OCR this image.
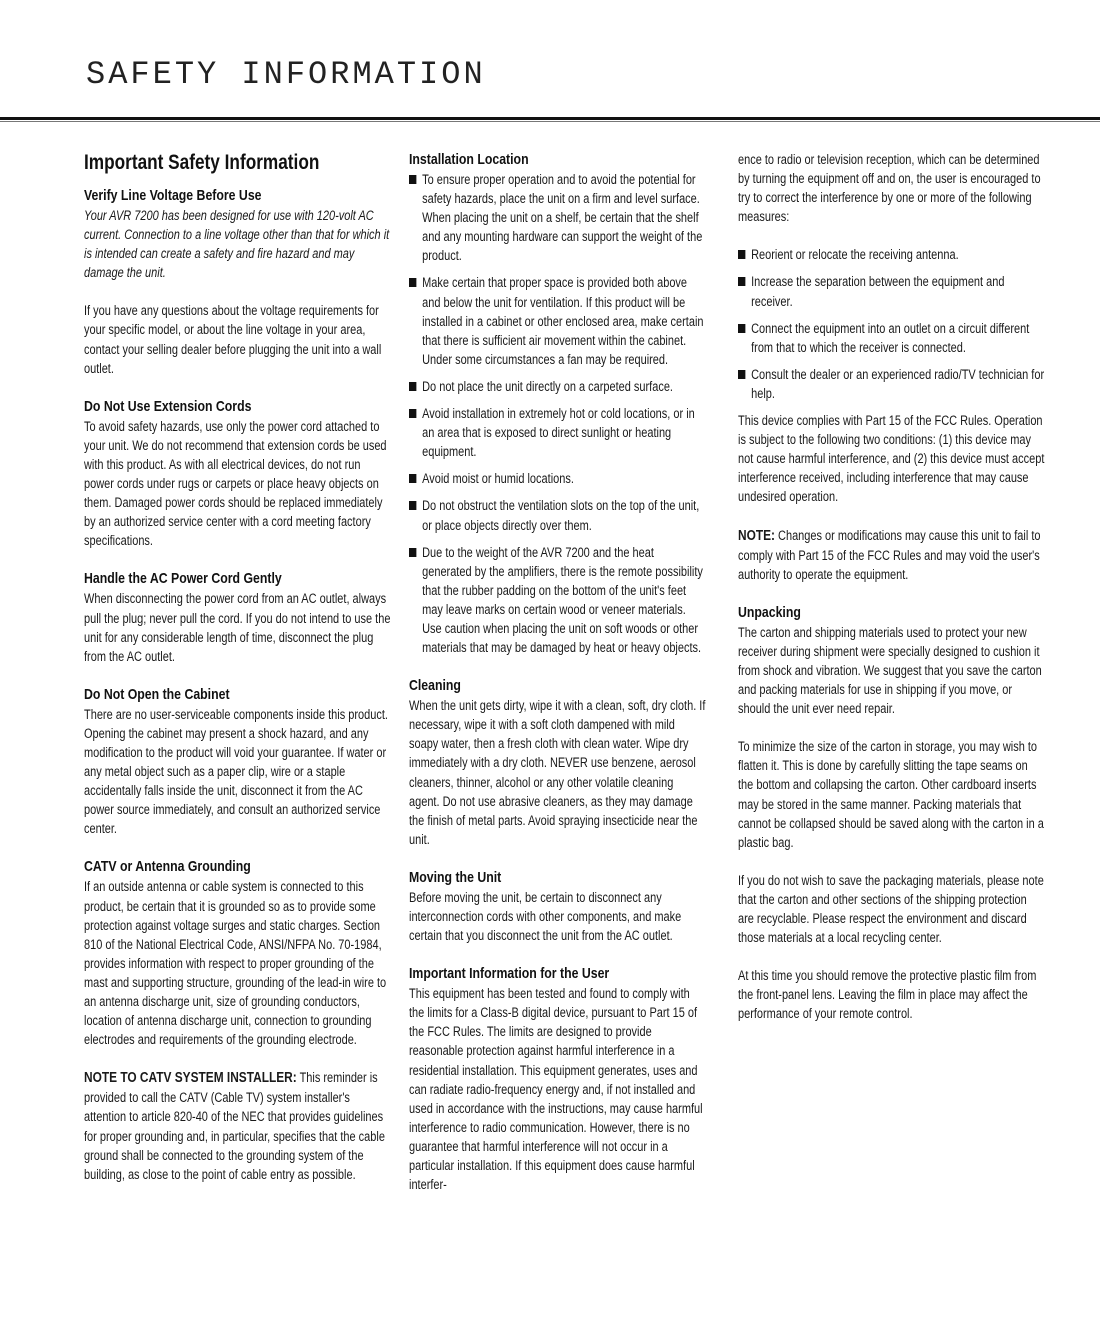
SAFETY INFORMATION
Important Safety Information
Verify Line Voltage Before Use

Your AVR 7200 has been designed for use with 120-volt AC current. Connection to a line voltage other than that for which it is intended can create a safety and fire hazard and may damage the unit.

If you have any questions about the voltage requirements for your specific model, or about the line voltage in your area, contact your selling dealer before plugging the unit into a wall outlet.

Do Not Use Extension Cords

To avoid safety hazards, use only the power cord attached to your unit. We do not recommend that extension cords be used with this product. As with all electrical devices, do not run power cords under rugs or carpets or place heavy objects on them. Damaged power cords should be replaced immediately by an authorized service center with a cord meeting factory specifications.

Handle the AC Power Cord Gently

When disconnecting the power cord from an AC outlet, always pull the plug; never pull the cord. If you do not intend to use the unit for any considerable length of time, disconnect the plug from the AC outlet.

Do Not Open the Cabinet

There are no user-serviceable components inside this product. Opening the cabinet may present a shock hazard, and any modification to the product will void your guarantee. If water or any metal object such as a paper clip, wire or a staple accidentally falls inside the unit, disconnect it from the AC power source immediately, and consult an authorized service center.

CATV or Antenna Grounding

If an outside antenna or cable system is connected to this product, be certain that it is grounded so as to provide some protection against voltage surges and static charges. Section 810 of the National Electrical Code, ANSI/NFPA No. 70-1984, provides information with respect to proper grounding of the mast and supporting structure, grounding of the lead-in wire to an antenna discharge unit, size of grounding conductors, location of antenna discharge unit, connection to grounding electrodes and requirements of the grounding electrode.

NOTE TO CATV SYSTEM INSTALLER: This reminder is provided to call the CATV (Cable TV) system installer's attention to article 820-40 of the NEC that provides guidelines for proper grounding and, in particular, specifies that the cable ground shall be connected to the grounding system of the building, as close to the point of cable entry as possible.

Installation Location
To ensure proper operation and to avoid the potential for safety hazards, place the unit on a firm and level surface. When placing the unit on a shelf, be certain that the shelf and any mounting hardware can support the weight of the product.
Make certain that proper space is provided both above and below the unit for ventilation. If this product will be installed in a cabinet or other enclosed area, make certain that there is sufficient air movement within the cabinet. Under some circumstances a fan may be required.
Do not place the unit directly on a carpeted surface.
Avoid installation in extremely hot or cold locations, or in an area that is exposed to direct sunlight or heating equipment.
Avoid moist or humid locations.
Do not obstruct the ventilation slots on the top of the unit, or place objects directly over them.
Due to the weight of the AVR 7200 and the heat generated by the amplifiers, there is the remote possibility that the rubber padding on the bottom of the unit's feet may leave marks on certain wood or veneer materials. Use caution when placing the unit on soft woods or other materials that may be damaged by heat or heavy objects.
Cleaning

When the unit gets dirty, wipe it with a clean, soft, dry cloth. If necessary, wipe it with a soft cloth dampened with mild soapy water, then a fresh cloth with clean water. Wipe dry immediately with a dry cloth. NEVER use benzene, aerosol cleaners, thinner, alcohol or any other volatile cleaning agent. Do not use abrasive cleaners, as they may damage the finish of metal parts. Avoid spraying insecticide near the unit.

Moving the Unit

Before moving the unit, be certain to disconnect any interconnection cords with other components, and make certain that you disconnect the unit from the AC outlet.

Important Information for the User

This equipment has been tested and found to comply with the limits for a Class-B digital device, pursuant to Part 15 of the FCC Rules. The limits are designed to provide reasonable protection against harmful interference in a residential installation. This equipment generates, uses and can radiate radio-frequency energy and, if not installed and used in accordance with the instructions, may cause harmful interference to radio communication. However, there is no guarantee that harmful interference will not occur in a particular installation. If this equipment does cause harmful interfer-

ence to radio or television reception, which can be determined by turning the equipment off and on, the user is encouraged to try to correct the interference by one or more of the following measures:

Reorient or relocate the receiving antenna.
Increase the separation between the equipment and receiver.
Connect the equipment into an outlet on a circuit different from that to which the receiver is connected.
Consult the dealer or an experienced radio/TV technician for help.

This device complies with Part 15 of the FCC Rules. Operation is subject to the following two conditions: (1) this device may not cause harmful interference, and (2) this device must accept interference received, including interference that may cause undesired operation.

NOTE: Changes or modifications may cause this unit to fail to comply with Part 15 of the FCC Rules and may void the user's authority to operate the equipment.

Unpacking

The carton and shipping materials used to protect your new receiver during shipment were specially designed to cushion it from shock and vibration. We suggest that you save the carton and packing materials for use in shipping if you move, or should the unit ever need repair.

To minimize the size of the carton in storage, you may wish to flatten it. This is done by carefully slitting the tape seams on the bottom and collapsing the carton. Other cardboard inserts may be stored in the same manner. Packing materials that cannot be collapsed should be saved along with the carton in a plastic bag.

If you do not wish to save the packaging materials, please note that the carton and other sections of the shipping protection are recyclable. Please respect the environment and discard those materials at a local recycling center.

At this time you should remove the protective plastic film from the front-panel lens. Leaving the film in place may affect the performance of your remote control.
